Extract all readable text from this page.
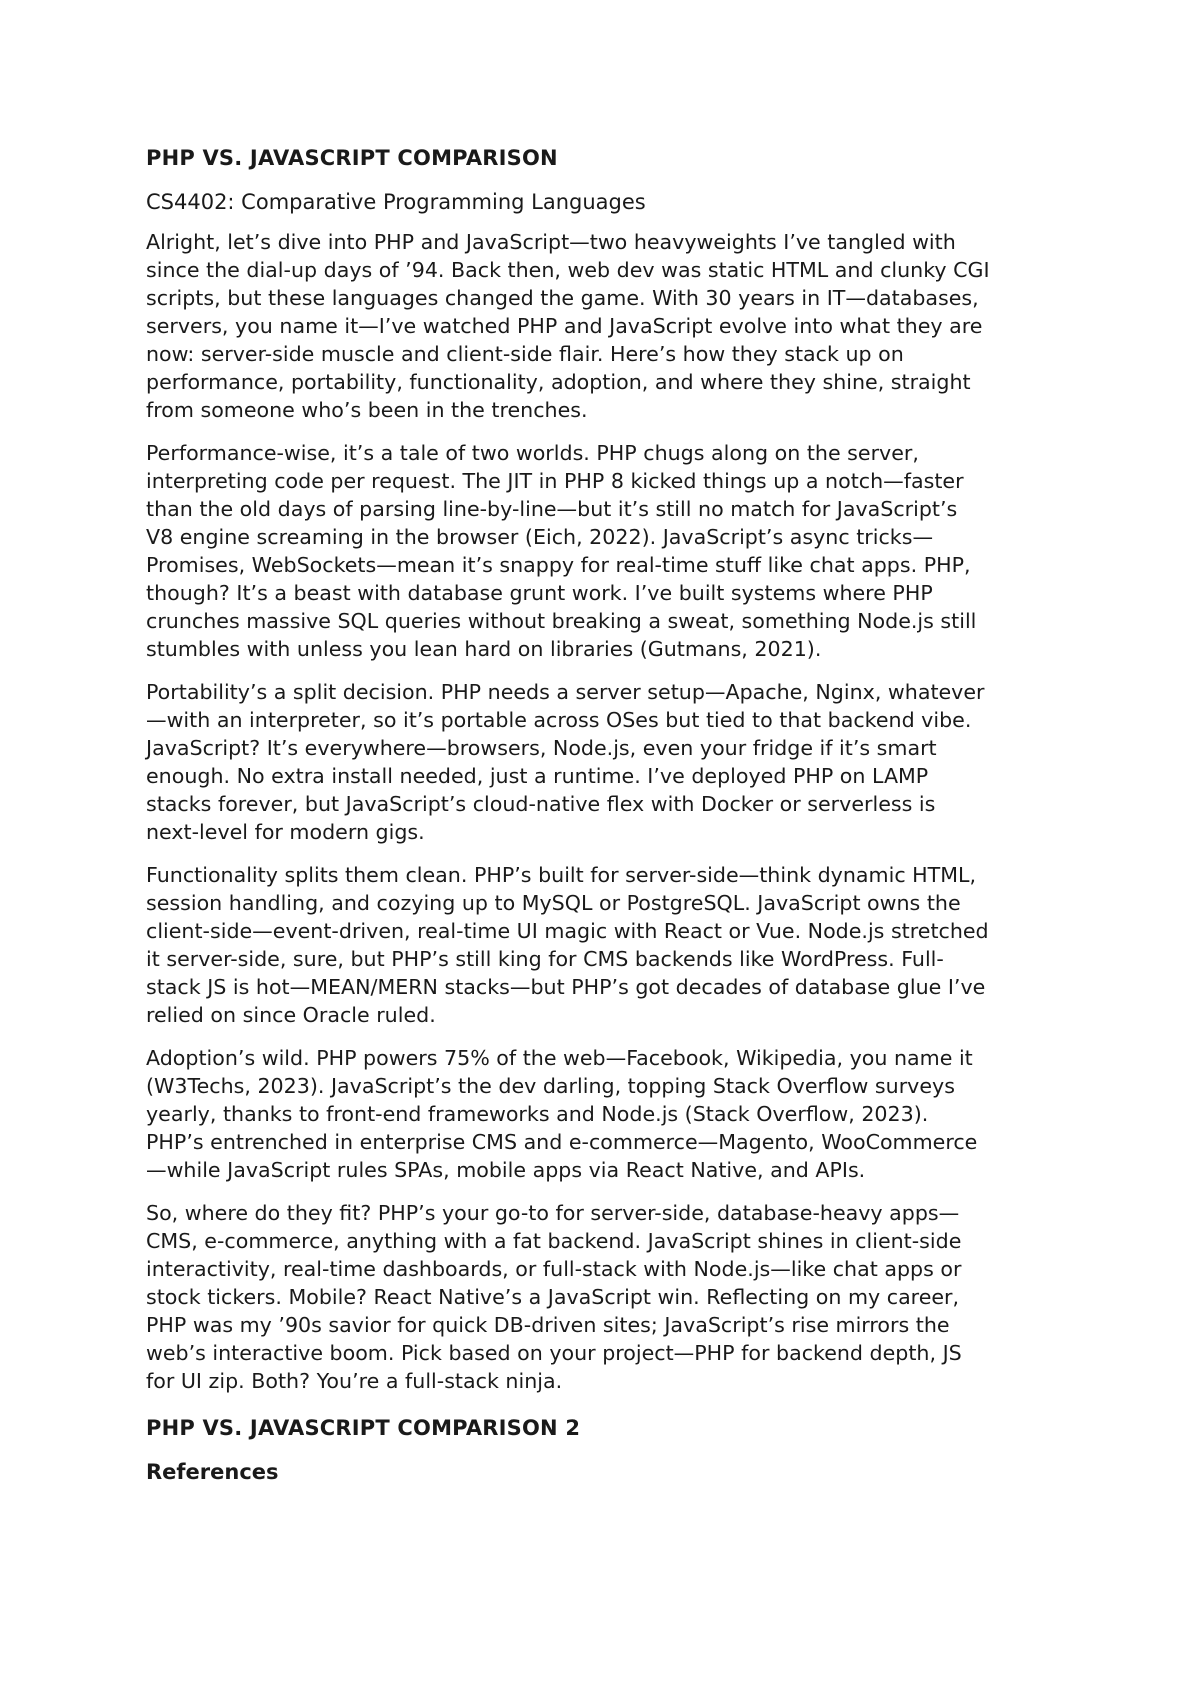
PHP VS. JAVASCRIPT COMPARISON
CS4402: Comparative Programming Languages
Alright, let’s dive into PHP and JavaScript—two heavyweights I’ve tangled with
since the dial-up days of ’94. Back then, web dev was static HTML and clunky CGI
scripts, but these languages changed the game. With 30 years in IT—databases,
servers, you name it—I’ve watched PHP and JavaScript evolve into what they are
now: server-side muscle and client-side flair. Here’s how they stack up on
performance, portability, functionality, adoption, and where they shine, straight
from someone who’s been in the trenches.
Performance-wise, it’s a tale of two worlds. PHP chugs along on the server,
interpreting code per request. The JIT in PHP 8 kicked things up a notch—faster
than the old days of parsing line-by-line—but it’s still no match for JavaScript’s
V8 engine screaming in the browser (Eich, 2022). JavaScript’s async tricks—
Promises, WebSockets—mean it’s snappy for real-time stuff like chat apps. PHP,
though? It’s a beast with database grunt work. I’ve built systems where PHP
crunches massive SQL queries without breaking a sweat, something Node.js still
stumbles with unless you lean hard on libraries (Gutmans, 2021).
Portability’s a split decision. PHP needs a server setup—Apache, Nginx, whatever
—with an interpreter, so it’s portable across OSes but tied to that backend vibe.
JavaScript? It’s everywhere—browsers, Node.js, even your fridge if it’s smart
enough. No extra install needed, just a runtime. I’ve deployed PHP on LAMP
stacks forever, but JavaScript’s cloud-native flex with Docker or serverless is
next-level for modern gigs.
Functionality splits them clean. PHP’s built for server-side—think dynamic HTML,
session handling, and cozying up to MySQL or PostgreSQL. JavaScript owns the
client-side—event-driven, real-time UI magic with React or Vue. Node.js stretched
it server-side, sure, but PHP’s still king for CMS backends like WordPress. Full-
stack JS is hot—MEAN/MERN stacks—but PHP’s got decades of database glue I’ve
relied on since Oracle ruled.
Adoption’s wild. PHP powers 75% of the web—Facebook, Wikipedia, you name it
(W3Techs, 2023). JavaScript’s the dev darling, topping Stack Overflow surveys
yearly, thanks to front-end frameworks and Node.js (Stack Overflow, 2023).
PHP’s entrenched in enterprise CMS and e-commerce—Magento, WooCommerce
—while JavaScript rules SPAs, mobile apps via React Native, and APIs.
So, where do they fit? PHP’s your go-to for server-side, database-heavy apps—
CMS, e-commerce, anything with a fat backend. JavaScript shines in client-side
interactivity, real-time dashboards, or full-stack with Node.js—like chat apps or
stock tickers. Mobile? React Native’s a JavaScript win. Reflecting on my career,
PHP was my ’90s savior for quick DB-driven sites; JavaScript’s rise mirrors the
web’s interactive boom. Pick based on your project—PHP for backend depth, JS
for UI zip. Both? You’re a full-stack ninja.
PHP VS. JAVASCRIPT COMPARISON 2
References
